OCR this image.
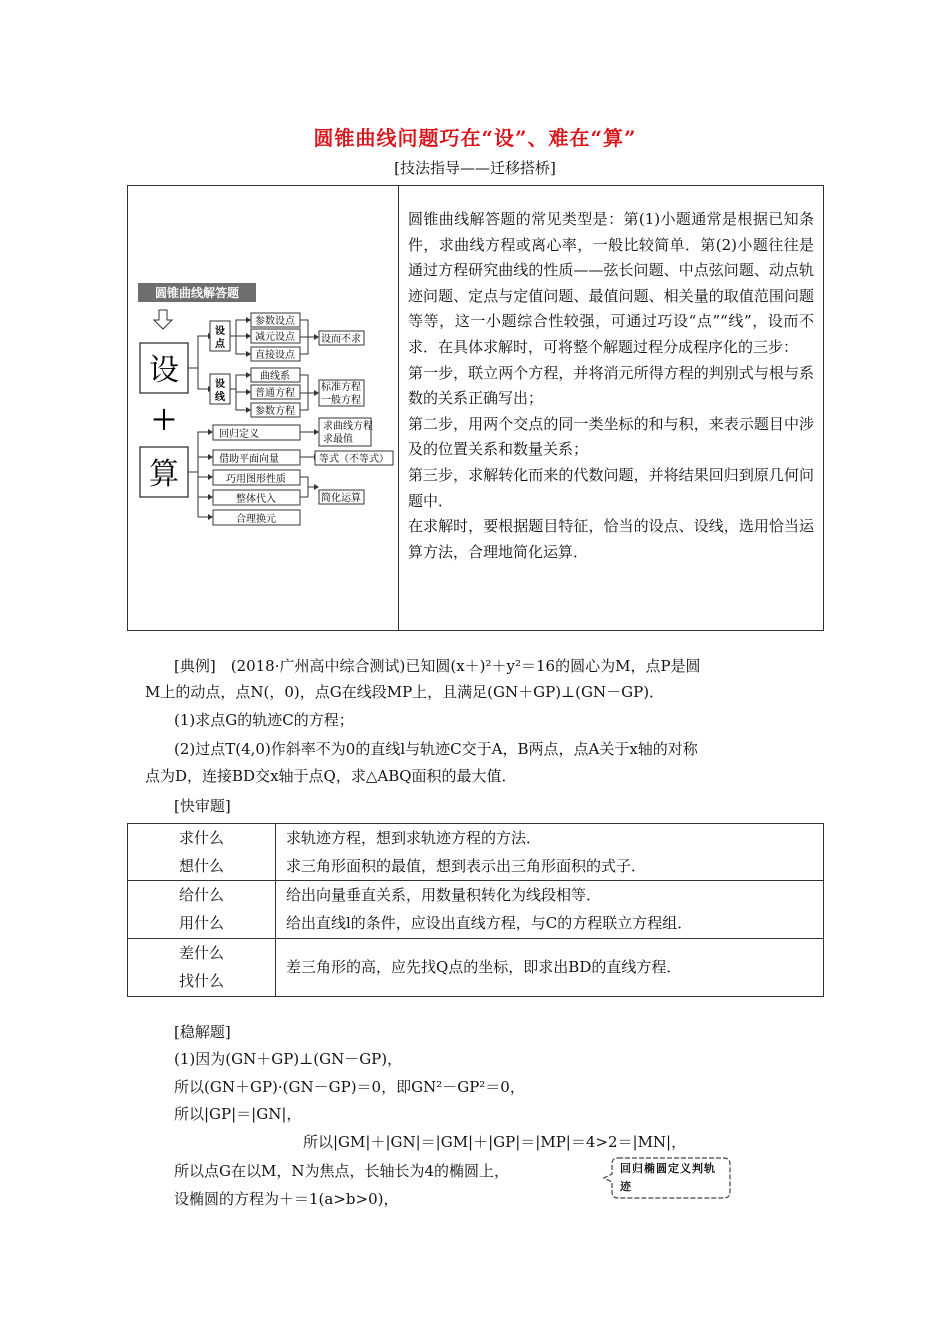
圆锥曲线问题巧在“设”、难在“算”
[技法指导——迁移搭桥]
圆锥曲线解答题
设
＋
算
设
点
设
线
参数设点
减元设点
直接设点
设而不求
曲线系
普通方程
参数方程
标准方程
一般方程
回归定义
借助平面向量
巧用图形性质
整体代入
合理换元
求曲线方程
求最值
等式（不等式）
简化运算

圆锥曲线解答题的常见类型是：第(1)小题通常是根据已知条件，求曲线方程或离心率，一般比较简单．第(2)小题往往是通过方程研究曲线的性质——弦长问题、中点弦问题、动点轨迹问题、定点与定值问题、最值问题、相关量的取值范围问题等等，这一小题综合性较强，可通过巧设“点”“线”，设而不求．在具体求解时，可将整个解题过程分成程序化的三步：

第一步，联立两个方程，并将消元所得方程的判别式与根与系数的关系正确写出；

第二步，用两个交点的同一类坐标的和与积，来表示题目中涉及的位置关系和数量关系；

第三步，求解转化而来的代数问题，并将结果回归到原几何问题中．

在求解时，要根据题目特征，恰当的设点、设线，选用恰当运算方法，合理地简化运算．

[典例]　(2018·广州高中综合测试)已知圆(x＋)²＋y²＝16的圆心为M，点P是圆
M上的动点，点N(，0)，点G在线段MP上，且满足(GN＋GP)⊥(GN－GP)．
(1)求点G的轨迹C的方程；
(2)过点T(4,0)作斜率不为0的直线l与轨迹C交于A，B两点，点A关于x轴的对称
点为D，连接BD交x轴于点Q，求△ABQ面积的最大值．
[快审题]
求什么
想什么
求轨迹方程，想到求轨迹方程的方法．
求三角形面积的最值，想到表示出三角形面积的式子．
给什么
用什么
给出向量垂直关系，用数量积转化为线段相等．
给出直线l的条件，应设出直线方程，与C的方程联立方程组．
差什么
找什么
差三角形的高，应先找Q点的坐标，即求出BD的直线方程．
[稳解题]
(1)因为(GN＋GP)⊥(GN－GP)，
所以(GN＋GP)·(GN－GP)＝0，即GN²－GP²＝0，
所以|GP|＝|GN|，
所以|GM|＋|GN|＝|GM|＋|GP|＝|MP|＝4>2＝|MN|，
所以点G在以M，N为焦点，长轴长为4的椭圆上，
设椭圆的方程为＋＝1(a>b>0)，
回归椭圆定义判轨迹
